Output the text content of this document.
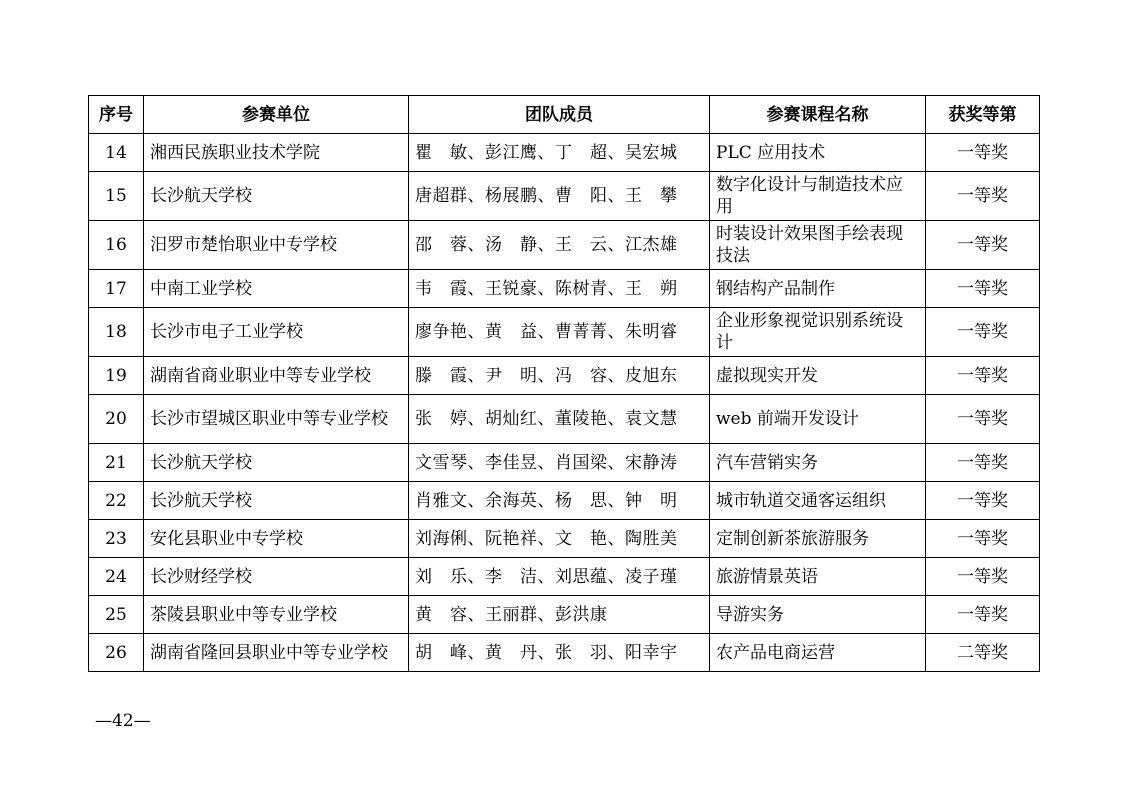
序号	参赛单位	团队成员	参赛课程名称	获奖等第
14	湘西民族职业技术学院	瞿　敏、彭江鹰、丁　超、吴宏城	PLC 应用技术	一等奖
15	长沙航天学校	唐超群、杨展鹏、曹　阳、王　攀	数字化设计与制造技术应用	一等奖
16	汨罗市楚怡职业中专学校	邵　蓉、汤　静、王　云、江杰雄	时装设计效果图手绘表现技法	一等奖
17	中南工业学校	韦　霞、王锐豪、陈树青、王　朔	钢结构产品制作	一等奖
18	长沙市电子工业学校	廖争艳、黄　益、曹菁菁、朱明睿	企业形象视觉识别系统设计	一等奖
19	湖南省商业职业中等专业学校	滕　霞、尹　明、冯　容、皮旭东	虚拟现实开发	一等奖
20	长沙市望城区职业中等专业学校	张　婷、胡灿红、董陵艳、袁文慧	web 前端开发设计	一等奖
21	长沙航天学校	文雪琴、李佳昱、肖国梁、宋静涛	汽车营销实务	一等奖
22	长沙航天学校	肖雅文、余海英、杨　思、钟　明	城市轨道交通客运组织	一等奖
23	安化县职业中专学校	刘海俐、阮艳祥、文　艳、陶胜美	定制创新茶旅游服务	一等奖
24	长沙财经学校	刘　乐、李　洁、刘思蕴、凌子瑾	旅游情景英语	一等奖
25	茶陵县职业中等专业学校	黄　容、王丽群、彭洪康	导游实务	一等奖
26	湖南省隆回县职业中等专业学校	胡　峰、黄　丹、张　羽、阳幸宇	农产品电商运营	二等奖
—42—
